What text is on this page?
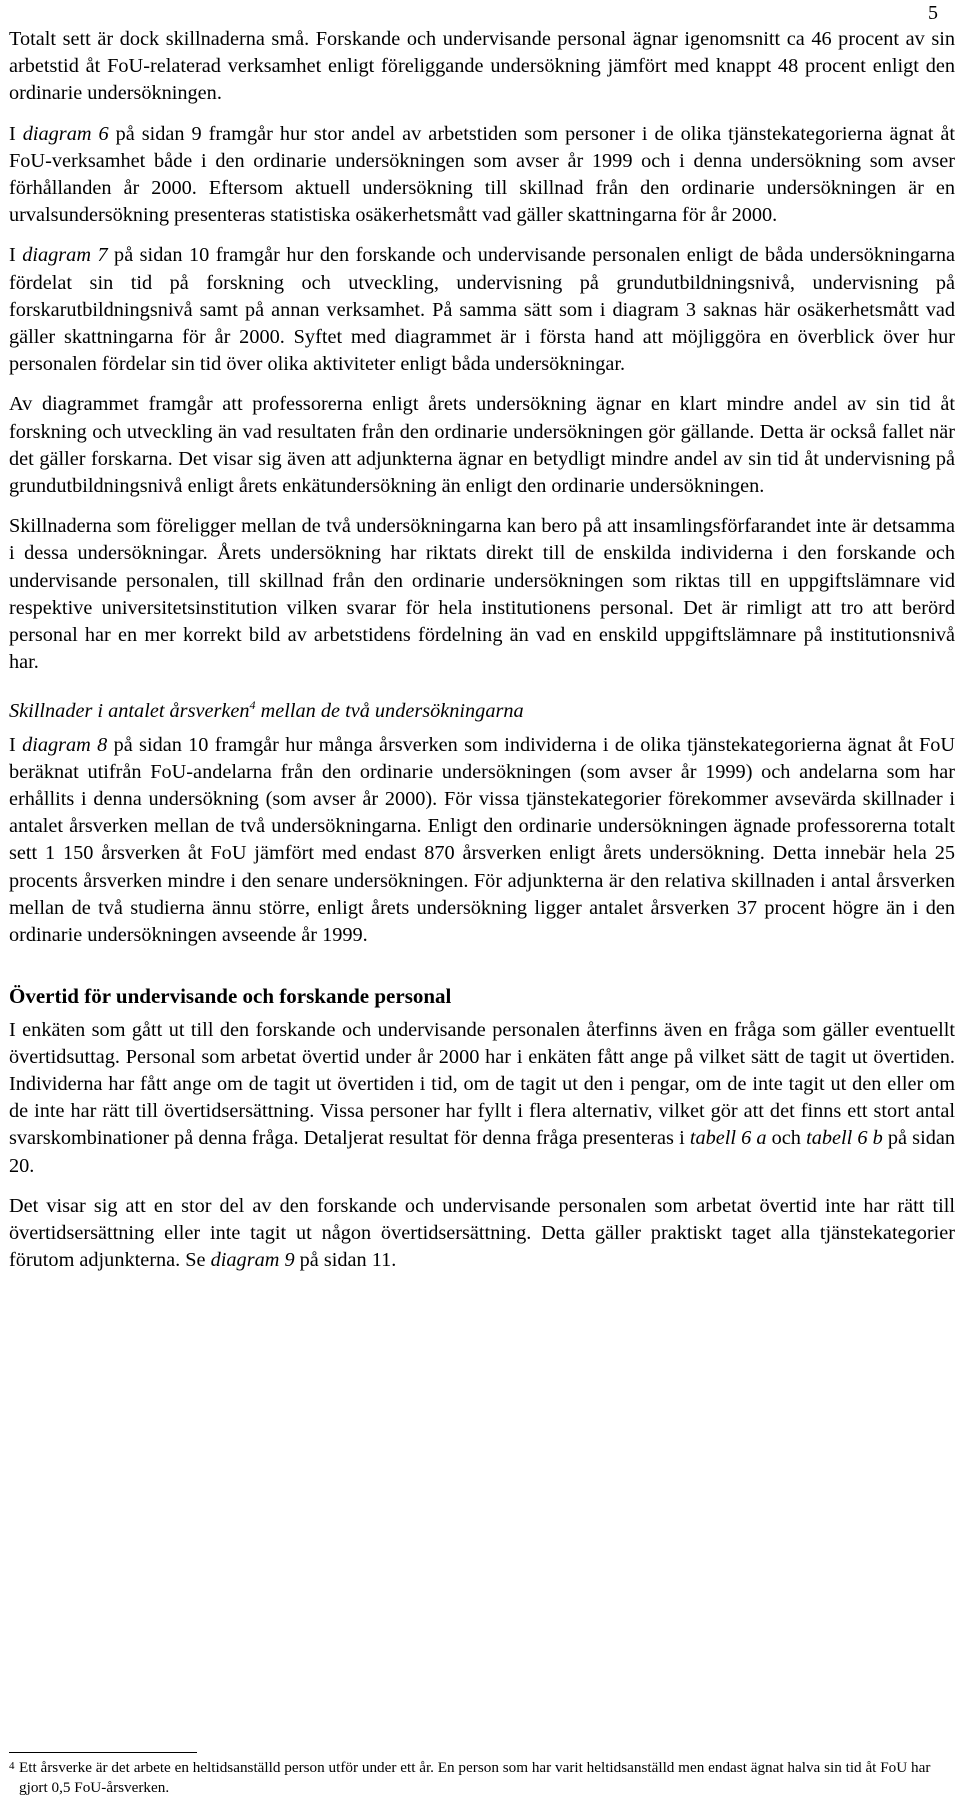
5

Totalt sett är dock skillnaderna små. Forskande och undervisande personal ägnar igenomsnitt ca 46 procent av sin arbetstid åt FoU-relaterad verksamhet enligt föreliggande undersökning jämfört med knappt 48 procent enligt den ordinarie undersökningen.

I diagram 6 på sidan 9 framgår hur stor andel av arbetstiden som personer i de olika tjänstekategorierna ägnat åt FoU-verksamhet både i den ordinarie undersökningen som avser år 1999 och i denna undersökning som avser förhållanden år 2000. Eftersom aktuell undersökning till skillnad från den ordinarie undersökningen är en urvalsundersökning presenteras statistiska osäkerhetsmått vad gäller skattningarna för år 2000.

I diagram 7 på sidan 10 framgår hur den forskande och undervisande personalen enligt de båda undersökningarna fördelat sin tid på forskning och utveckling, undervisning på grundutbildningsnivå, undervisning på forskarutbildningsnivå samt på annan verksamhet. På samma sätt som i diagram 3 saknas här osäkerhetsmått vad gäller skattningarna för år 2000. Syftet med diagrammet är i första hand att möjliggöra en överblick över hur personalen fördelar sin tid över olika aktiviteter enligt båda undersökningar.

Av diagrammet framgår att professorerna enligt årets undersökning ägnar en klart mindre andel av sin tid åt forskning och utveckling än vad resultaten från den ordinarie undersökningen gör gällande. Detta är också fallet när det gäller forskarna. Det visar sig även att adjunkterna ägnar en betydligt mindre andel av sin tid åt undervisning på grundutbildningsnivå enligt årets enkätundersökning än enligt den ordinarie undersökningen.

Skillnaderna som föreligger mellan de två undersökningarna kan bero på att insamlingsförfarandet inte är detsamma i dessa undersökningar. Årets undersökning har riktats direkt till de enskilda individerna i den forskande och undervisande personalen, till skillnad från den ordinarie undersökningen som riktas till en uppgiftslämnare vid respektive universitetsinstitution vilken svarar för hela institutionens personal. Det är rimligt att tro att berörd personal har en mer korrekt bild av arbetstidens fördelning än vad en enskild uppgiftslämnare på institutionsnivå har.

Skillnader i antalet årsverken$^4$ mellan de två undersökningarna

I diagram 8 på sidan 10 framgår hur många årsverken som individerna i de olika tjänstekategorierna ägnat åt FoU beräknat utifrån FoU-andelarna från den ordinarie undersökningen (som avser år 1999) och andelarna som har erhållits i denna undersökning (som avser år 2000). För vissa tjänstekategorier förekommer avsevärda skillnader i antalet årsverken mellan de två undersökningarna. Enligt den ordinarie undersökningen ägnade professorerna totalt sett 1 150 årsverken åt FoU jämfört med endast 870 årsverken enligt årets undersökning. Detta innebär hela 25 procents årsverken mindre i den senare undersökningen. För adjunkterna är den relativa skillnaden i antal årsverken mellan de två studierna ännu större, enligt årets undersökning ligger antalet årsverken 37 procent högre än i den ordinarie undersökningen avseende år 1999.

Övertid för undervisande och forskande personal

I enkäten som gått ut till den forskande och undervisande personalen återfinns även en fråga som gäller eventuellt övertidsuttag. Personal som arbetat övertid under år 2000 har i enkäten fått ange på vilket sätt de tagit ut övertiden. Individerna har fått ange om de tagit ut övertiden i tid, om de tagit ut den i pengar, om de inte tagit ut den eller om de inte har rätt till övertidsersättning. Vissa personer har fyllt i flera alternativ, vilket gör att det finns ett stort antal svarskombinationer på denna fråga. Detaljerat resultat för denna fråga presenteras i tabell 6 a och tabell 6 b på sidan 20.

Det visar sig att en stor del av den forskande och undervisande personalen som arbetat övertid inte har rätt till övertidsersättning eller inte tagit ut någon övertidsersättning. Detta gäller praktiskt taget alla tjänstekategorier förutom adjunkterna. Se diagram 9 på sidan 11.

4 Ett årsverke är det arbete en heltidsanställd person utför under ett år. En person som har varit heltidsanställd men endast ägnat halva sin tid åt FoU har gjort 0,5 FoU-årsverken.
